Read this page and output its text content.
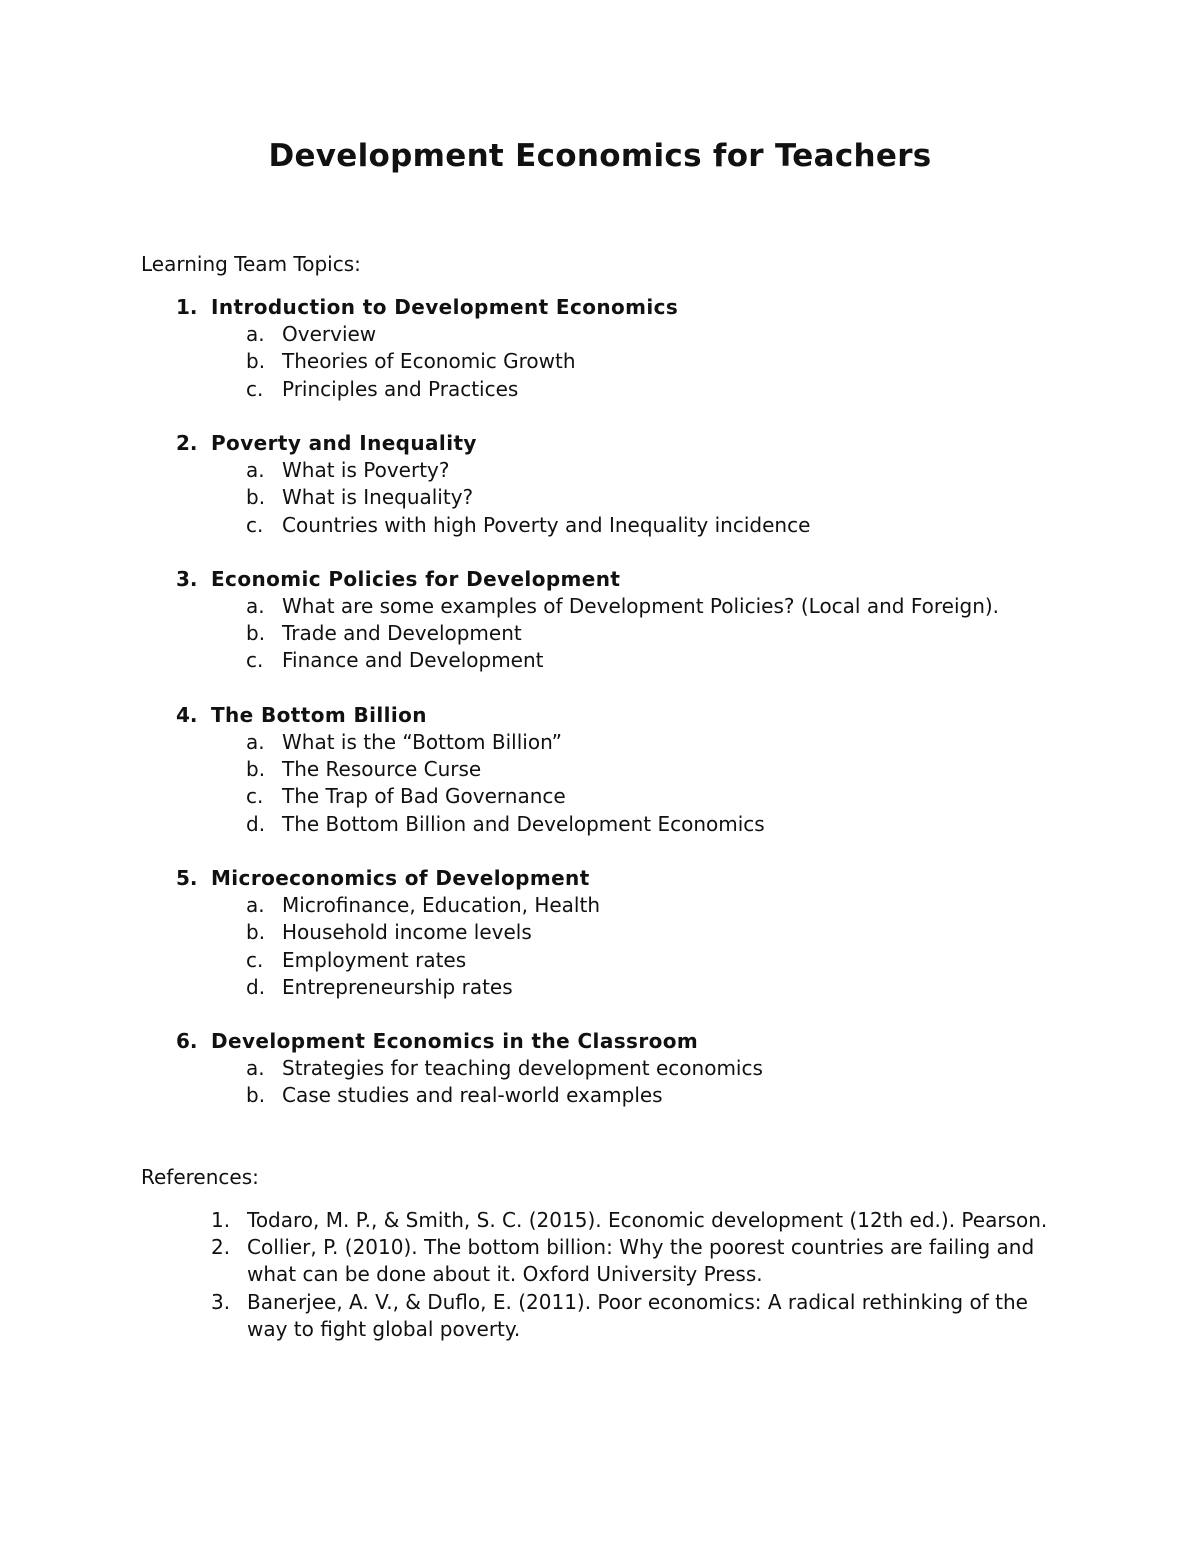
Development Economics for Teachers

Learning Team Topics:

1. Introduction to Development Economics
a. Overview
b. Theories of Economic Growth
c. Principles and Practices
2. Poverty and Inequality
a. What is Poverty?
b. What is Inequality?
c. Countries with high Poverty and Inequality incidence
3. Economic Policies for Development
a. What are some examples of Development Policies? (Local and Foreign).
b. Trade and Development
c. Finance and Development
4. The Bottom Billion
a. What is the “Bottom Billion”
b. The Resource Curse
c. The Trap of Bad Governance
d. The Bottom Billion and Development Economics
5. Microeconomics of Development
a. Microfinance, Education, Health
b. Household income levels
c. Employment rates
d. Entrepreneurship rates
6. Development Economics in the Classroom
a. Strategies for teaching development economics
b. Case studies and real-world examples

References:

1. Todaro, M. P., & Smith, S. C. (2015). Economic development (12th ed.). Pearson.
2. Collier, P. (2010). The bottom billion: Why the poorest countries are failing and what can be done about it. Oxford University Press.
3. Banerjee, A. V., & Duflo, E. (2011). Poor economics: A radical rethinking of the way to fight global poverty.
